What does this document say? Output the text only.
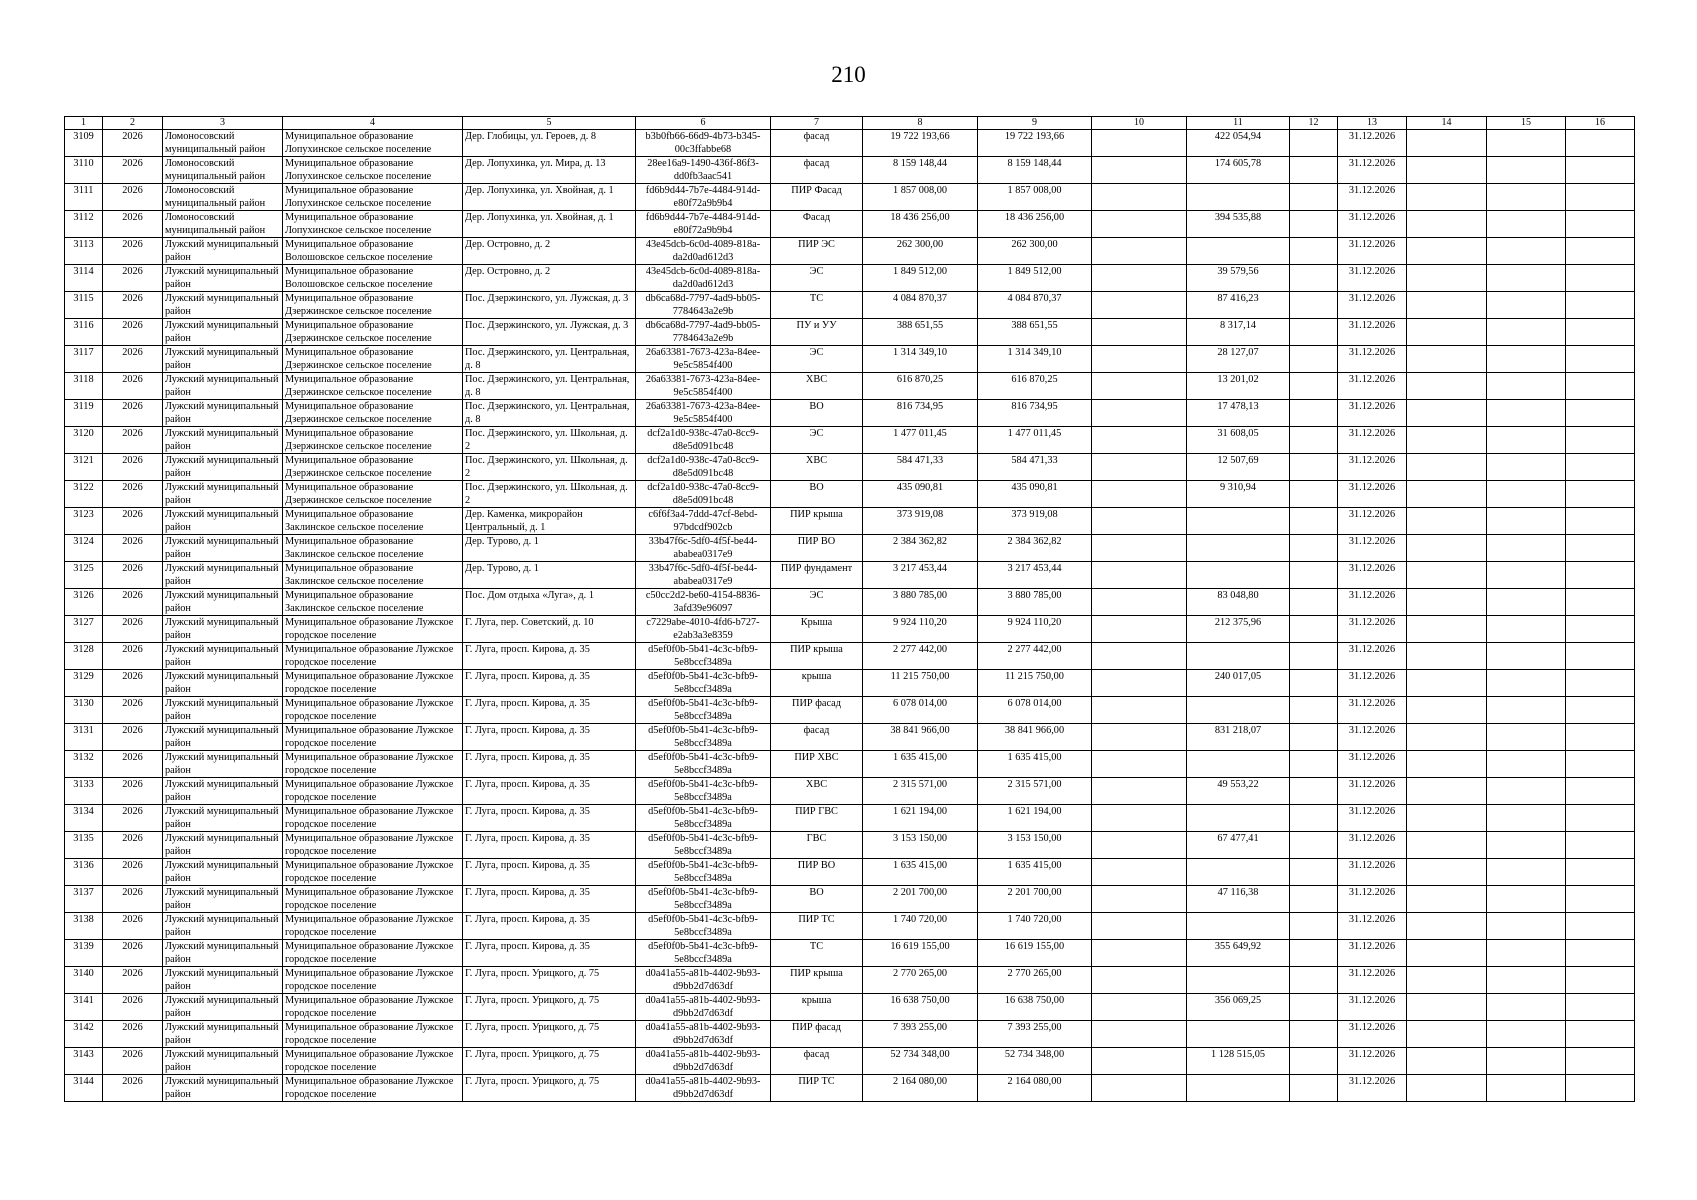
210
1	2	3	4	5	6	7	8	9	10	11	12	13	14	15	16
3109	2026	Ломоносовский муниципальный район	Муниципальное образование Лопухинское сельское поселение	Дер. Глобицы, ул. Героев, д. 8	b3b0fb66-66d9-4b73-b345-00c3ffabbe68	фасад	19 722 193,66	19 722 193,66		422 054,94		31.12.2026			
3110	2026	Ломоносовский муниципальный район	Муниципальное образование Лопухинское сельское поселение	Дер. Лопухинка, ул. Мира, д. 13	28ee16a9-1490-436f-86f3-dd0fb3aac541	фасад	8 159 148,44	8 159 148,44		174 605,78		31.12.2026			
3111	2026	Ломоносовский муниципальный район	Муниципальное образование Лопухинское сельское поселение	Дер. Лопухинка, ул. Хвойная, д. 1	fd6b9d44-7b7e-4484-914d-e80f72a9b9b4	ПИР Фасад	1 857 008,00	1 857 008,00				31.12.2026			
3112	2026	Ломоносовский муниципальный район	Муниципальное образование Лопухинское сельское поселение	Дер. Лопухинка, ул. Хвойная, д. 1	fd6b9d44-7b7e-4484-914d-e80f72a9b9b4	Фасад	18 436 256,00	18 436 256,00		394 535,88		31.12.2026			
3113	2026	Лужский муниципальный район	Муниципальное образование Волошовское сельское поселение	Дер. Островно, д. 2	43e45dcb-6c0d-4089-818a-da2d0ad612d3	ПИР ЭС	262 300,00	262 300,00				31.12.2026			
3114	2026	Лужский муниципальный район	Муниципальное образование Волошовское сельское поселение	Дер. Островно, д. 2	43e45dcb-6c0d-4089-818a-da2d0ad612d3	ЭС	1 849 512,00	1 849 512,00		39 579,56		31.12.2026			
3115	2026	Лужский муниципальный район	Муниципальное образование Дзержинское сельское поселение	Пос. Дзержинского, ул. Лужская, д. 3	db6ca68d-7797-4ad9-bb05-7784643a2e9b	ТС	4 084 870,37	4 084 870,37		87 416,23		31.12.2026			
3116	2026	Лужский муниципальный район	Муниципальное образование Дзержинское сельское поселение	Пос. Дзержинского, ул. Лужская, д. 3	db6ca68d-7797-4ad9-bb05-7784643a2e9b	ПУ и УУ	388 651,55	388 651,55		8 317,14		31.12.2026			
3117	2026	Лужский муниципальный район	Муниципальное образование Дзержинское сельское поселение	Пос. Дзержинского, ул. Центральная, д. 8	26a63381-7673-423a-84ee-9e5c5854f400	ЭС	1 314 349,10	1 314 349,10		28 127,07		31.12.2026			
3118	2026	Лужский муниципальный район	Муниципальное образование Дзержинское сельское поселение	Пос. Дзержинского, ул. Центральная, д. 8	26a63381-7673-423a-84ee-9e5c5854f400	ХВС	616 870,25	616 870,25		13 201,02		31.12.2026			
3119	2026	Лужский муниципальный район	Муниципальное образование Дзержинское сельское поселение	Пос. Дзержинского, ул. Центральная, д. 8	26a63381-7673-423a-84ee-9e5c5854f400	ВО	816 734,95	816 734,95		17 478,13		31.12.2026			
3120	2026	Лужский муниципальный район	Муниципальное образование Дзержинское сельское поселение	Пос. Дзержинского, ул. Школьная, д. 2	dcf2a1d0-938c-47a0-8cc9-d8e5d091bc48	ЭС	1 477 011,45	1 477 011,45		31 608,05		31.12.2026			
3121	2026	Лужский муниципальный район	Муниципальное образование Дзержинское сельское поселение	Пос. Дзержинского, ул. Школьная, д. 2	dcf2a1d0-938c-47a0-8cc9-d8e5d091bc48	ХВС	584 471,33	584 471,33		12 507,69		31.12.2026			
3122	2026	Лужский муниципальный район	Муниципальное образование Дзержинское сельское поселение	Пос. Дзержинского, ул. Школьная, д. 2	dcf2a1d0-938c-47a0-8cc9-d8e5d091bc48	ВО	435 090,81	435 090,81		9 310,94		31.12.2026			
3123	2026	Лужский муниципальный район	Муниципальное образование Заклинское сельское поселение	Дер. Каменка, микрорайон Центральный, д. 1	c6f6f3a4-7ddd-47cf-8ebd-97bdcdf902cb	ПИР крыша	373 919,08	373 919,08				31.12.2026			
3124	2026	Лужский муниципальный район	Муниципальное образование Заклинское сельское поселение	Дер. Турово, д. 1	33b47f6c-5df0-4f5f-be44-ababea0317e9	ПИР ВО	2 384 362,82	2 384 362,82				31.12.2026			
3125	2026	Лужский муниципальный район	Муниципальное образование Заклинское сельское поселение	Дер. Турово, д. 1	33b47f6c-5df0-4f5f-be44-ababea0317e9	ПИР фундамент	3 217 453,44	3 217 453,44				31.12.2026			
3126	2026	Лужский муниципальный район	Муниципальное образование Заклинское сельское поселение	Пос. Дом отдыха «Луга», д. 1	c50cc2d2-be60-4154-8836-3afd39e96097	ЭС	3 880 785,00	3 880 785,00		83 048,80		31.12.2026			
3127	2026	Лужский муниципальный район	Муниципальное образование Лужское городское поселение	Г. Луга, пер. Советский, д. 10	c7229abe-4010-4fd6-b727-e2ab3a3e8359	Крыша	9 924 110,20	9 924 110,20		212 375,96		31.12.2026			
3128	2026	Лужский муниципальный район	Муниципальное образование Лужское городское поселение	Г. Луга, просп. Кирова, д. 35	d5ef0f0b-5b41-4c3c-bfb9-5e8bccf3489a	ПИР крыша	2 277 442,00	2 277 442,00				31.12.2026			
3129	2026	Лужский муниципальный район	Муниципальное образование Лужское городское поселение	Г. Луга, просп. Кирова, д. 35	d5ef0f0b-5b41-4c3c-bfb9-5e8bccf3489a	крыша	11 215 750,00	11 215 750,00		240 017,05		31.12.2026			
3130	2026	Лужский муниципальный район	Муниципальное образование Лужское городское поселение	Г. Луга, просп. Кирова, д. 35	d5ef0f0b-5b41-4c3c-bfb9-5e8bccf3489a	ПИР фасад	6 078 014,00	6 078 014,00				31.12.2026			
3131	2026	Лужский муниципальный район	Муниципальное образование Лужское городское поселение	Г. Луга, просп. Кирова, д. 35	d5ef0f0b-5b41-4c3c-bfb9-5e8bccf3489a	фасад	38 841 966,00	38 841 966,00		831 218,07		31.12.2026			
3132	2026	Лужский муниципальный район	Муниципальное образование Лужское городское поселение	Г. Луга, просп. Кирова, д. 35	d5ef0f0b-5b41-4c3c-bfb9-5e8bccf3489a	ПИР ХВС	1 635 415,00	1 635 415,00				31.12.2026			
3133	2026	Лужский муниципальный район	Муниципальное образование Лужское городское поселение	Г. Луга, просп. Кирова, д. 35	d5ef0f0b-5b41-4c3c-bfb9-5e8bccf3489a	ХВС	2 315 571,00	2 315 571,00		49 553,22		31.12.2026			
3134	2026	Лужский муниципальный район	Муниципальное образование Лужское городское поселение	Г. Луга, просп. Кирова, д. 35	d5ef0f0b-5b41-4c3c-bfb9-5e8bccf3489a	ПИР ГВС	1 621 194,00	1 621 194,00				31.12.2026			
3135	2026	Лужский муниципальный район	Муниципальное образование Лужское городское поселение	Г. Луга, просп. Кирова, д. 35	d5ef0f0b-5b41-4c3c-bfb9-5e8bccf3489a	ГВС	3 153 150,00	3 153 150,00		67 477,41		31.12.2026			
3136	2026	Лужский муниципальный район	Муниципальное образование Лужское городское поселение	Г. Луга, просп. Кирова, д. 35	d5ef0f0b-5b41-4c3c-bfb9-5e8bccf3489a	ПИР ВО	1 635 415,00	1 635 415,00				31.12.2026			
3137	2026	Лужский муниципальный район	Муниципальное образование Лужское городское поселение	Г. Луга, просп. Кирова, д. 35	d5ef0f0b-5b41-4c3c-bfb9-5e8bccf3489a	ВО	2 201 700,00	2 201 700,00		47 116,38		31.12.2026			
3138	2026	Лужский муниципальный район	Муниципальное образование Лужское городское поселение	Г. Луга, просп. Кирова, д. 35	d5ef0f0b-5b41-4c3c-bfb9-5e8bccf3489a	ПИР ТС	1 740 720,00	1 740 720,00				31.12.2026			
3139	2026	Лужский муниципальный район	Муниципальное образование Лужское городское поселение	Г. Луга, просп. Кирова, д. 35	d5ef0f0b-5b41-4c3c-bfb9-5e8bccf3489a	ТС	16 619 155,00	16 619 155,00		355 649,92		31.12.2026			
3140	2026	Лужский муниципальный район	Муниципальное образование Лужское городское поселение	Г. Луга, просп. Урицкого, д. 75	d0a41a55-a81b-4402-9b93-d9bb2d7d63df	ПИР крыша	2 770 265,00	2 770 265,00				31.12.2026			
3141	2026	Лужский муниципальный район	Муниципальное образование Лужское городское поселение	Г. Луга, просп. Урицкого, д. 75	d0a41a55-a81b-4402-9b93-d9bb2d7d63df	крыша	16 638 750,00	16 638 750,00		356 069,25		31.12.2026			
3142	2026	Лужский муниципальный район	Муниципальное образование Лужское городское поселение	Г. Луга, просп. Урицкого, д. 75	d0a41a55-a81b-4402-9b93-d9bb2d7d63df	ПИР фасад	7 393 255,00	7 393 255,00				31.12.2026			
3143	2026	Лужский муниципальный район	Муниципальное образование Лужское городское поселение	Г. Луга, просп. Урицкого, д. 75	d0a41a55-a81b-4402-9b93-d9bb2d7d63df	фасад	52 734 348,00	52 734 348,00		1 128 515,05		31.12.2026			
3144	2026	Лужский муниципальный район	Муниципальное образование Лужское городское поселение	Г. Луга, просп. Урицкого, д. 75	d0a41a55-a81b-4402-9b93-d9bb2d7d63df	ПИР ТС	2 164 080,00	2 164 080,00				31.12.2026			
